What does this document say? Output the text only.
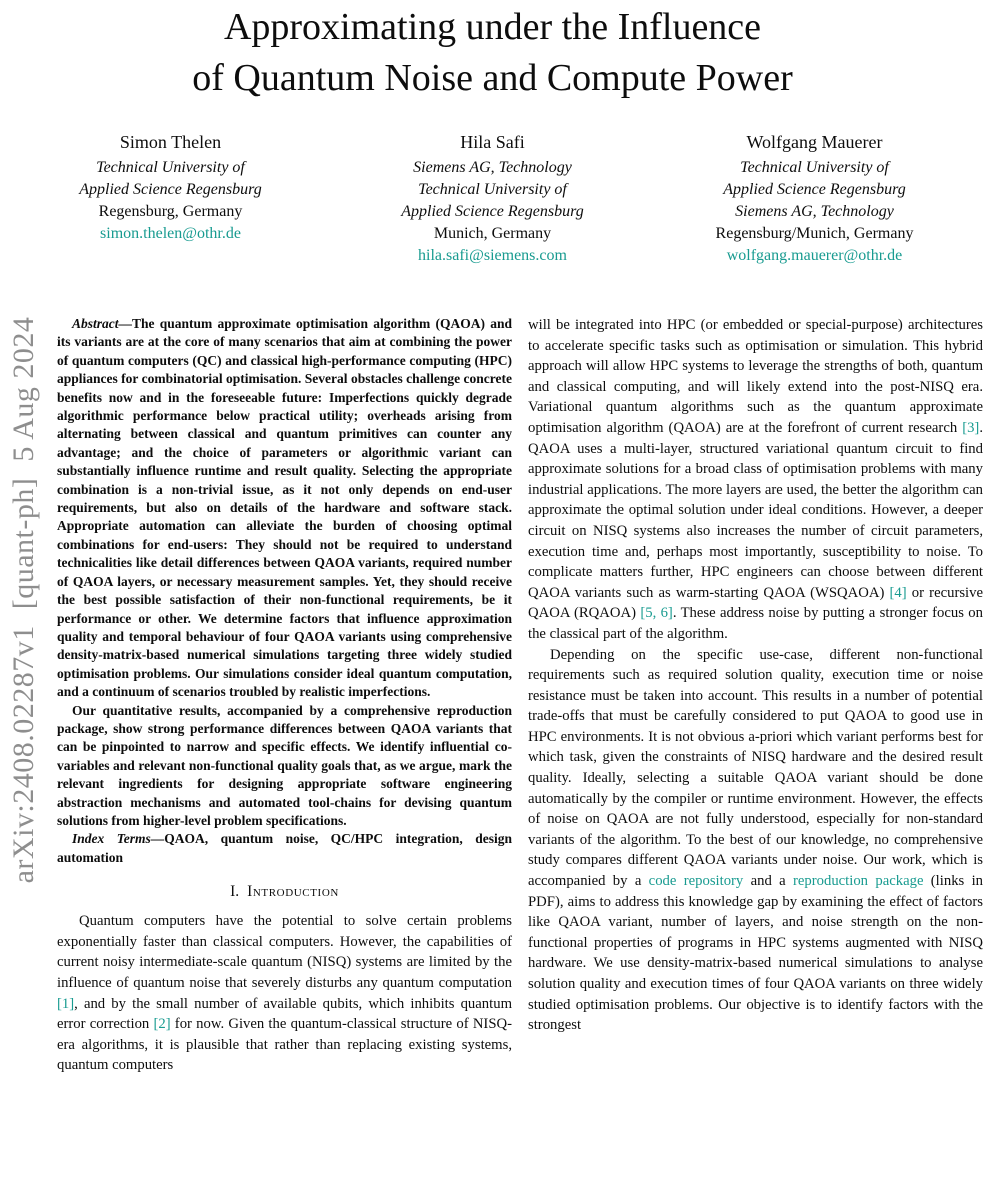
arXiv:2408.02287v1  [quant-ph]  5 Aug 2024
Approximating under the Influence
of Quantum Noise and Compute Power
Simon Thelen
Technical University of
Applied Science Regensburg
Regensburg, Germany
simon.thelen@othr.de
Hila Safi
Siemens AG, Technology
Technical University of
Applied Science Regensburg
Munich, Germany
hila.safi@siemens.com
Wolfgang Mauerer
Technical University of
Applied Science Regensburg
Siemens AG, Technology
Regensburg/Munich, Germany
wolfgang.mauerer@othr.de

Abstract—The quantum approximate optimisation algorithm (QAOA) and its variants are at the core of many scenarios that aim at combining the power of quantum computers (QC) and classical high-performance computing (HPC) appliances for combinatorial optimisation. Several obstacles challenge concrete benefits now and in the foreseeable future: Imperfections quickly degrade algorithmic performance below practical utility; overheads arising from alternating between classical and quantum primitives can counter any advantage; and the choice of parameters or algorithmic variant can substantially influence runtime and result quality. Selecting the appropriate combination is a non-trivial issue, as it not only depends on end-user requirements, but also on details of the hardware and software stack. Appropriate automation can alleviate the burden of choosing optimal combinations for end-users: They should not be required to understand technicalities like detail differences between QAOA variants, required number of QAOA layers, or necessary measurement samples. Yet, they should receive the best possible satisfaction of their non-functional requirements, be it performance or other. We determine factors that influence approximation quality and temporal behaviour of four QAOA variants using comprehensive density-matrix-based numerical simulations targeting three widely studied optimisation problems. Our simulations consider ideal quantum computation, and a continuum of scenarios troubled by realistic imperfections.

Our quantitative results, accompanied by a comprehensive reproduction package, show strong performance differences between QAOA variants that can be pinpointed to narrow and specific effects. We identify influential co-variables and relevant non-functional quality goals that, as we argue, mark the relevant ingredients for designing appropriate software engineering abstraction mechanisms and automated tool-chains for devising quantum solutions from higher-level problem specifications.

Index Terms—QAOA, quantum noise, QC/HPC integration, design automation

I. Introduction

Quantum computers have the potential to solve certain problems exponentially faster than classical computers. However, the capabilities of current noisy intermediate-scale quantum (NISQ) systems are limited by the influence of quantum noise that severely disturbs any quantum computation [1], and by the small number of available qubits, which inhibits quantum error correction [2] for now. Given the quantum-classical structure of NISQ-era algorithms, it is plausible that rather than replacing existing systems, quantum computers

will be integrated into HPC (or embedded or special-purpose) architectures to accelerate specific tasks such as optimisation or simulation. This hybrid approach will allow HPC systems to leverage the strengths of both, quantum and classical computing, and will likely extend into the post-NISQ era. Variational quantum algorithms such as the quantum approximate optimisation algorithm (QAOA) are at the forefront of current research [3]. QAOA uses a multi-layer, structured variational quantum circuit to find approximate solutions for a broad class of optimisation problems with many industrial applications. The more layers are used, the better the algorithm can approximate the optimal solution under ideal conditions. However, a deeper circuit on NISQ systems also increases the number of circuit parameters, execution time and, perhaps most importantly, susceptibility to noise. To complicate matters further, HPC engineers can choose between different QAOA variants such as warm-starting QAOA (WSQAOA) [4] or recursive QAOA (RQAOA) [5, 6]. These address noise by putting a stronger focus on the classical part of the algorithm.

Depending on the specific use-case, different non-functional requirements such as required solution quality, execution time or noise resistance must be taken into account. This results in a number of potential trade-offs that must be carefully considered to put QAOA to good use in HPC environments. It is not obvious a-priori which variant performs best for which task, given the constraints of NISQ hardware and the desired result quality. Ideally, selecting a suitable QAOA variant should be done automatically by the compiler or runtime environment. However, the effects of noise on QAOA are not fully understood, especially for non-standard variants of the algorithm. To the best of our knowledge, no comprehensive study compares different QAOA variants under noise. Our work, which is accompanied by a code repository and a reproduction package (links in PDF), aims to address this knowledge gap by examining the effect of factors like QAOA variant, number of layers, and noise strength on the non-functional properties of programs in HPC systems augmented with NISQ hardware. We use density-matrix-based numerical simulations to analyse solution quality and execution times of four QAOA variants on three widely studied optimisation problems. Our objective is to identify factors with the strongest
